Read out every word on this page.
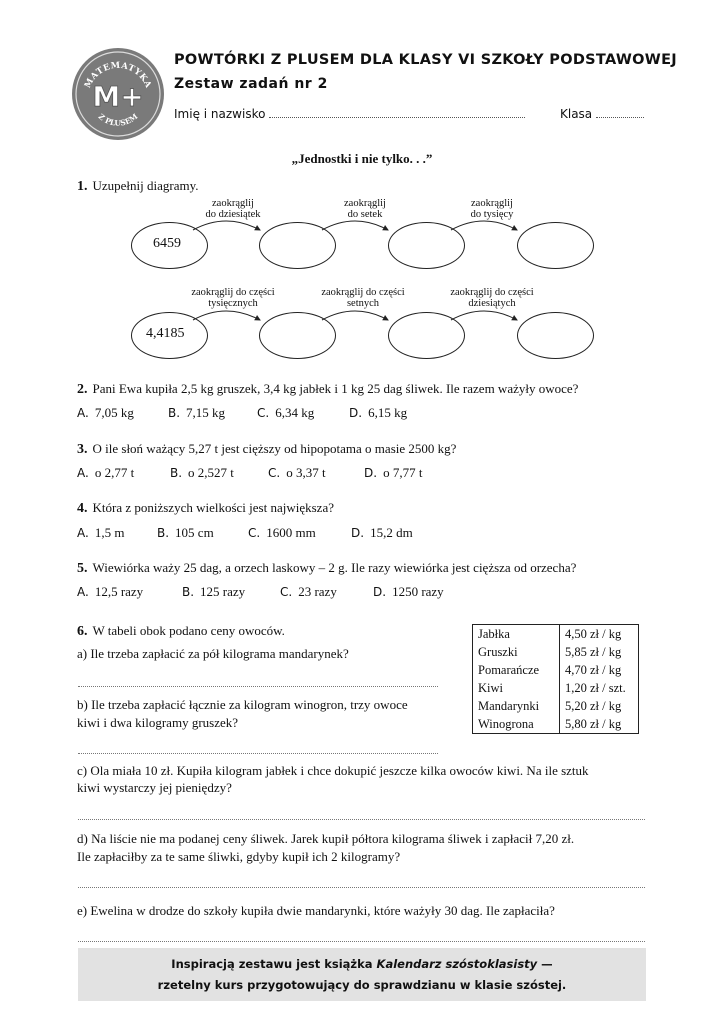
MATEMATYKA
Z PLUSEM
M+
POWTÓRKI Z PLUSEM DLA KLASY VI SZKOŁY PODSTAWOWEJ
Zestaw zadań nr 2
Imię i nazwisko	Klasa
„Jednostki i nie tylko. . .”
1. Uzupełnij diagramy.
zaokrąglij
do dziesiątek
zaokrąglij
do setek
zaokrąglij
do tysięcy
6459
zaokrąglij do części
tysięcznych
zaokrąglij do części
setnych
zaokrąglij do części
dziesiątych
4,4185
2. Pani Ewa kupiła 2,5 kg gruszek, 3,4 kg jabłek i 1 kg 25 dag śliwek. Ile razem ważyły owoce?
A. 7,05 kg	B. 7,15 kg	C. 6,34 kg	D. 6,15 kg
3. O ile słoń ważący 5,27 t jest cięższy od hipopotama o masie 2500 kg?
A. o 2,77 t	B. o 2,527 t	C. o 3,37 t	D. o 7,77 t
4. Która z poniższych wielkości jest największa?
A. 1,5 m	B. 105 cm	C. 1600 mm	D. 15,2 dm
5. Wiewiórka waży 25 dag, a orzech laskowy – 2 g. Ile razy wiewiórka jest cięższa od orzecha?
A. 12,5 razy	B. 125 razy	C. 23 razy	D. 1250 razy
6. W tabeli obok podano ceny owoców.
a) Ile trzeba zapłacić za pół kilograma mandarynek?
b) Ile trzeba zapłacić łącznie za kilogram winogron, trzy owoce
kiwi i dwa kilogramy gruszek?
Jabłka	4,50 zł / kg
Gruszki	5,85 zł / kg
Pomarańcze	4,70 zł / kg
Kiwi	1,20 zł / szt.
Mandarynki	5,20 zł / kg
Winogrona	5,80 zł / kg
c) Ola miała 10 zł. Kupiła kilogram jabłek i chce dokupić jeszcze kilka owoców kiwi. Na ile sztuk
kiwi wystarczy jej pieniędzy?
d) Na liście nie ma podanej ceny śliwek. Jarek kupił półtora kilograma śliwek i zapłacił 7,20 zł.
Ile zapłaciłby za te same śliwki, gdyby kupił ich 2 kilogramy?
e) Ewelina w drodze do szkoły kupiła dwie mandarynki, które ważyły 30 dag. Ile zapłaciła?
Inspiracją zestawu jest książka Kalendarz szóstoklasisty —
rzetelny kurs przygotowujący do sprawdzianu w klasie szóstej.
